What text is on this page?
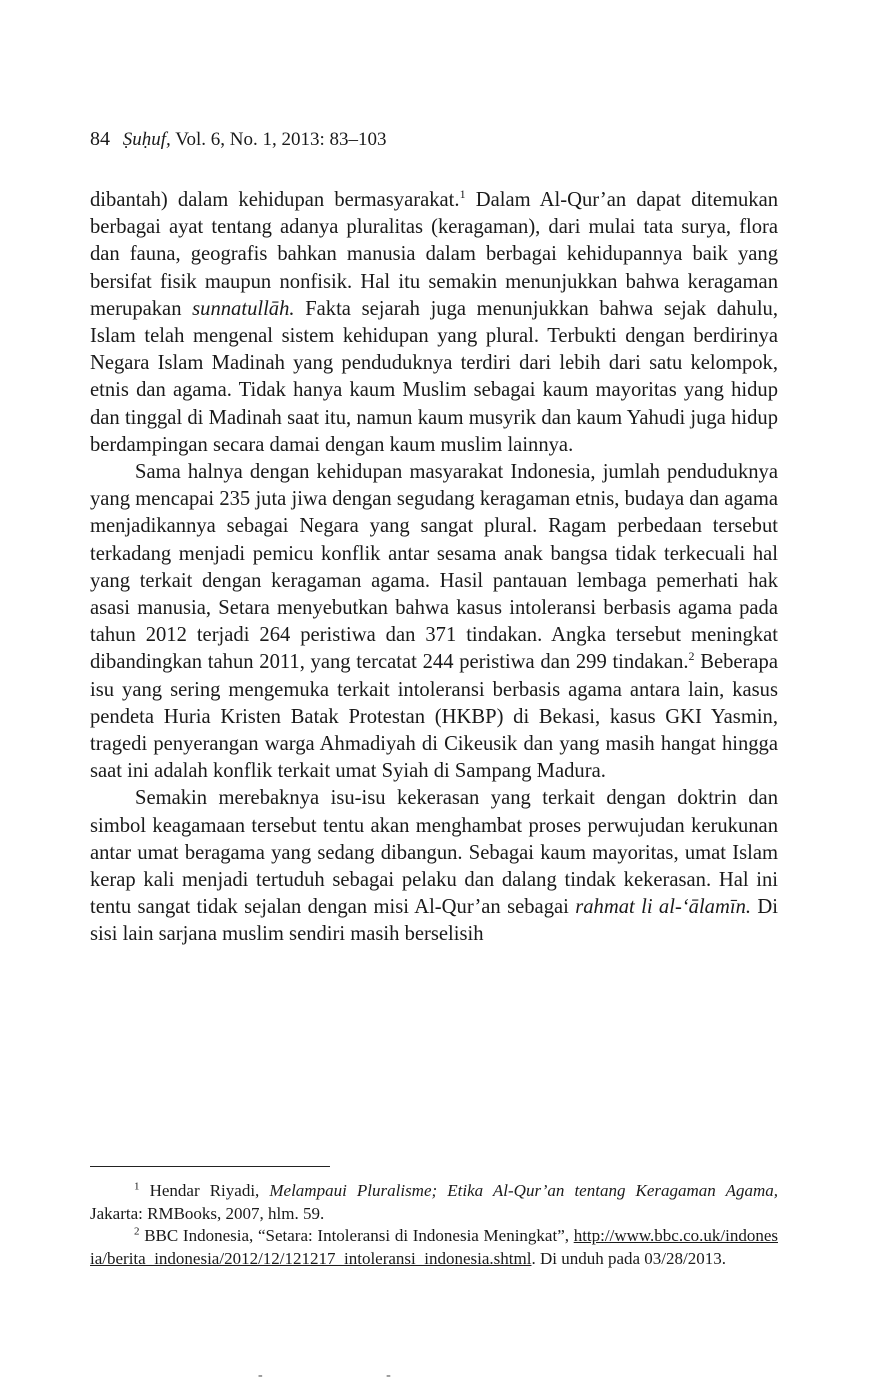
84 Ṣuḥuf, Vol. 6, No. 1, 2013: 83–103

dibantah) dalam kehidupan bermasyarakat.$^1$ Dalam Al-Qur’an dapat ditemukan berbagai ayat tentang adanya pluralitas (keragaman), dari mulai tata surya, flora dan fauna, geografis bahkan manusia dalam berbagai kehidupannya baik yang bersifat fisik maupun nonfisik. Hal itu semakin menunjukkan bahwa keragaman merupakan sunnatullāh. Fakta sejarah juga menunjukkan bahwa sejak dahulu, Islam telah mengenal sistem kehidupan yang plural. Terbukti dengan berdirinya Negara Islam Madinah yang penduduknya terdiri dari lebih dari satu kelompok, etnis dan agama. Tidak hanya kaum Muslim sebagai kaum mayoritas yang hidup dan tinggal di Madinah saat itu, namun kaum musyrik dan kaum Yahudi juga hidup berdampingan secara damai dengan kaum muslim lainnya.

Sama halnya dengan kehidupan masyarakat Indonesia, jumlah penduduknya yang mencapai 235 juta jiwa dengan segudang keragaman etnis, budaya dan agama menjadikannya sebagai Negara yang sangat plural. Ragam perbedaan tersebut terkadang menjadi pemicu konflik antar sesama anak bangsa tidak terkecuali hal yang terkait dengan keragaman agama. Hasil pantauan lembaga pemerhati hak asasi manusia, Setara menyebutkan bahwa kasus intoleransi berbasis agama pada tahun 2012 terjadi 264 peristiwa dan 371 tindakan. Angka tersebut meningkat dibandingkan tahun 2011, yang tercatat 244 peristiwa dan 299 tindakan.$^2$ Beberapa isu yang sering mengemuka terkait intoleransi berbasis agama antara lain, kasus pendeta Huria Kristen Batak Protestan (HKBP) di Bekasi, kasus GKI Yasmin, tragedi penyerangan warga Ahmadiyah di Cikeusik dan yang masih hangat hingga saat ini adalah konflik terkait umat Syiah di Sampang Madura.

Semakin merebaknya isu-isu kekerasan yang terkait dengan doktrin dan simbol keagamaan tersebut tentu akan menghambat proses perwujudan kerukunan antar umat beragama yang sedang dibangun. Sebagai kaum mayoritas, umat Islam kerap kali menjadi tertuduh sebagai pelaku dan dalang tindak kekerasan. Hal ini tentu sangat tidak sejalan dengan misi Al-Qur’an sebagai rahmat li al-‘ālamīn. Di sisi lain sarjana muslim sendiri masih berselisih

$^1$ Hendar Riyadi, Melampaui Pluralisme; Etika Al-Qur’an tentang Keragaman Agama, Jakarta: RMBooks, 2007, hlm. 59.

$^2$ BBC Indonesia, “Setara: Intoleransi di Indonesia Meningkat”, http://www.bbc.co.uk/indonesia/berita_indonesia/2012/12/121217_intoleransi_indonesia.shtml. Di unduh pada 03/28/2013.

- -
